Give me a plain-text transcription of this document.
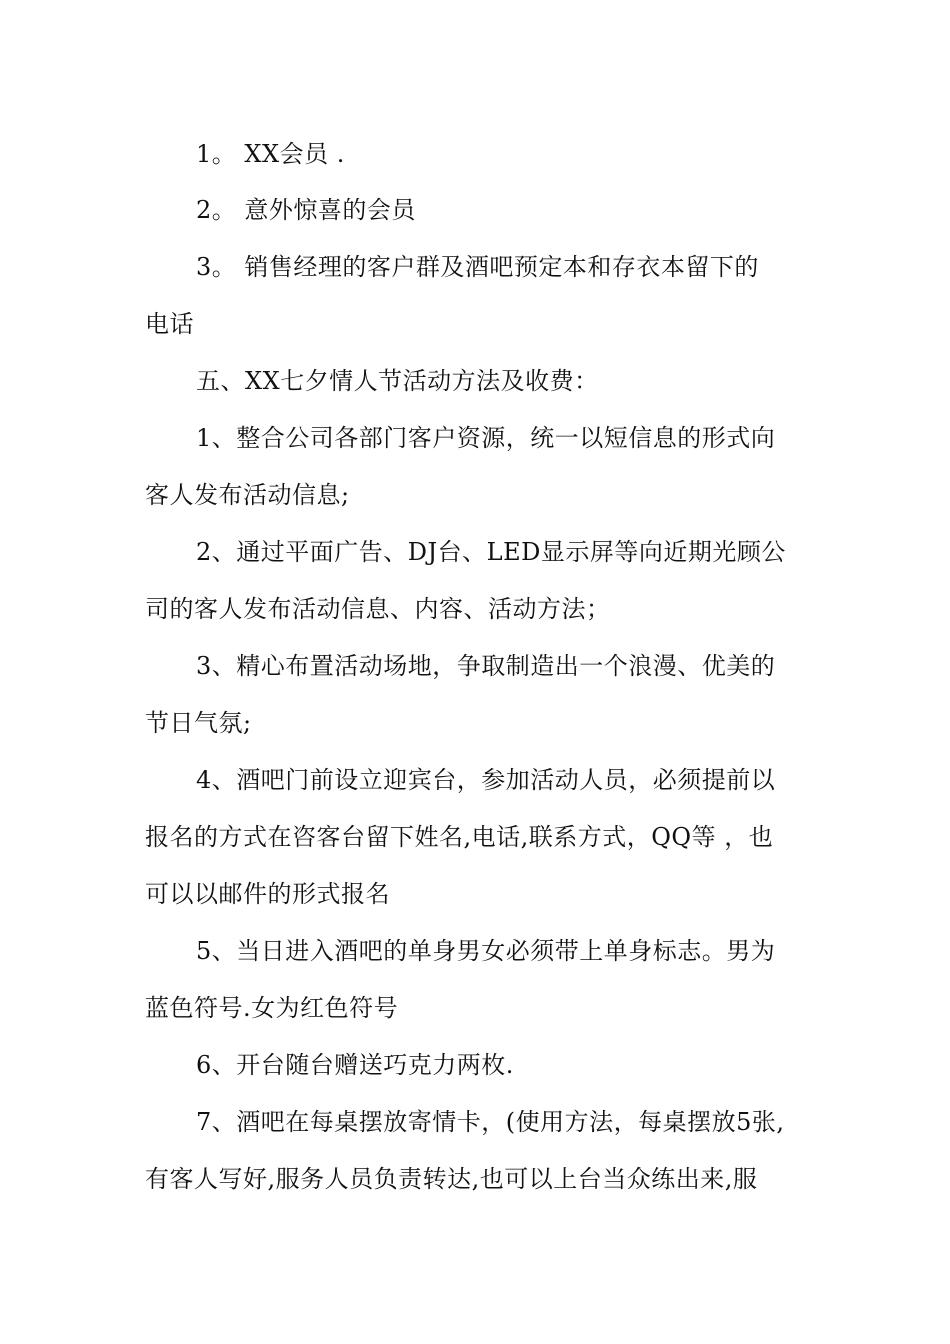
1。 XX会员 .
2。 意外惊喜的会员
3。 销售经理的客户群及酒吧预定本和存衣本留下的
电话
五、XX七夕情人节活动方法及收费：
1、整合公司各部门客户资源，统一以短信息的形式向
客人发布活动信息;
2、通过平面广告、DJ台、LED显示屏等向近期光顾公
司的客人发布活动信息、内容、活动方法；
3、精心布置活动场地，争取制造出一个浪漫、优美的
节日气氛;
4、酒吧门前设立迎宾台，参加活动人员，必须提前以
报名的方式在咨客台留下姓名,电话,联系方式，QQ等 ，也
可以以邮件的形式报名
5、当日进入酒吧的单身男女必须带上单身标志。男为
蓝色符号.女为红色符号
6、开台随台赠送巧克力两枚.
7、酒吧在每桌摆放寄情卡，(使用方法，每桌摆放5张,
有客人写好,服务人员负责转达,也可以上台当众练出来,服
